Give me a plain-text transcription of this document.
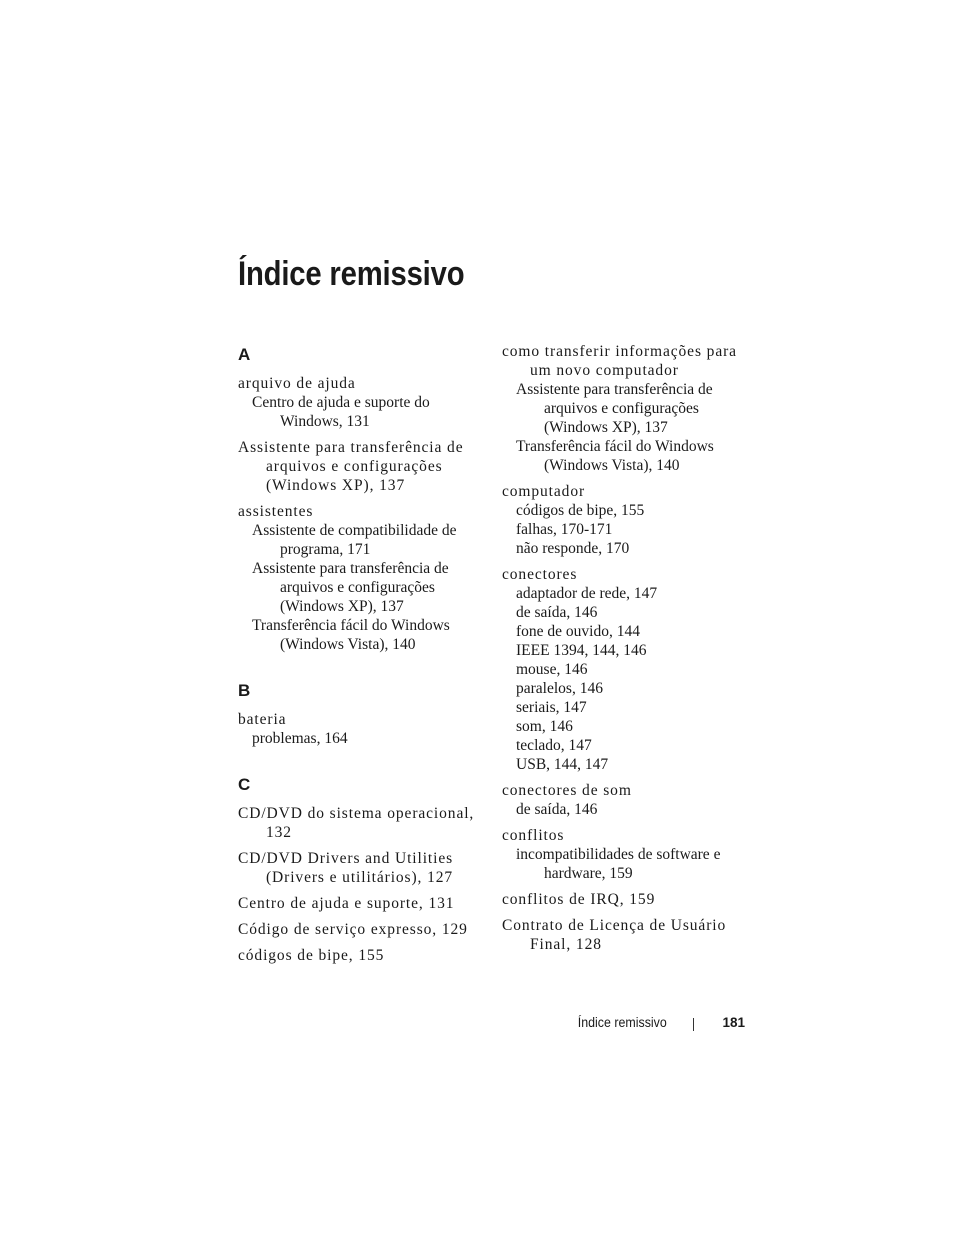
Índice remissivo
A
arquivo de ajuda
Centro de ajuda e suporte do Windows, 131
Assistente para transferência de arquivos e configurações (Windows XP), 137
assistentes
Assistente de compatibilidade de programa, 171
Assistente para transferência de arquivos e configurações (Windows XP), 137
Transferência fácil do Windows (Windows Vista), 140
B
bateria
problemas, 164
C
CD/DVD do sistema operacional, 132
CD/DVD Drivers and Utilities (Drivers e utilitários), 127
Centro de ajuda e suporte, 131
Código de serviço expresso, 129
códigos de bipe, 155
como transferir informações para um novo computador
Assistente para transferência de arquivos e configurações (Windows XP), 137
Transferência fácil do Windows (Windows Vista), 140
computador
códigos de bipe, 155
falhas, 170-171
não responde, 170
conectores
adaptador de rede, 147
de saída, 146
fone de ouvido, 144
IEEE 1394, 144, 146
mouse, 146
paralelos, 146
seriais, 147
som, 146
teclado, 147
USB, 144, 147
conectores de som
de saída, 146
conflitos
incompatibilidades de software e hardware, 159
conflitos de IRQ, 159
Contrato de Licença de Usuário Final, 128
Índice remissivo	181
